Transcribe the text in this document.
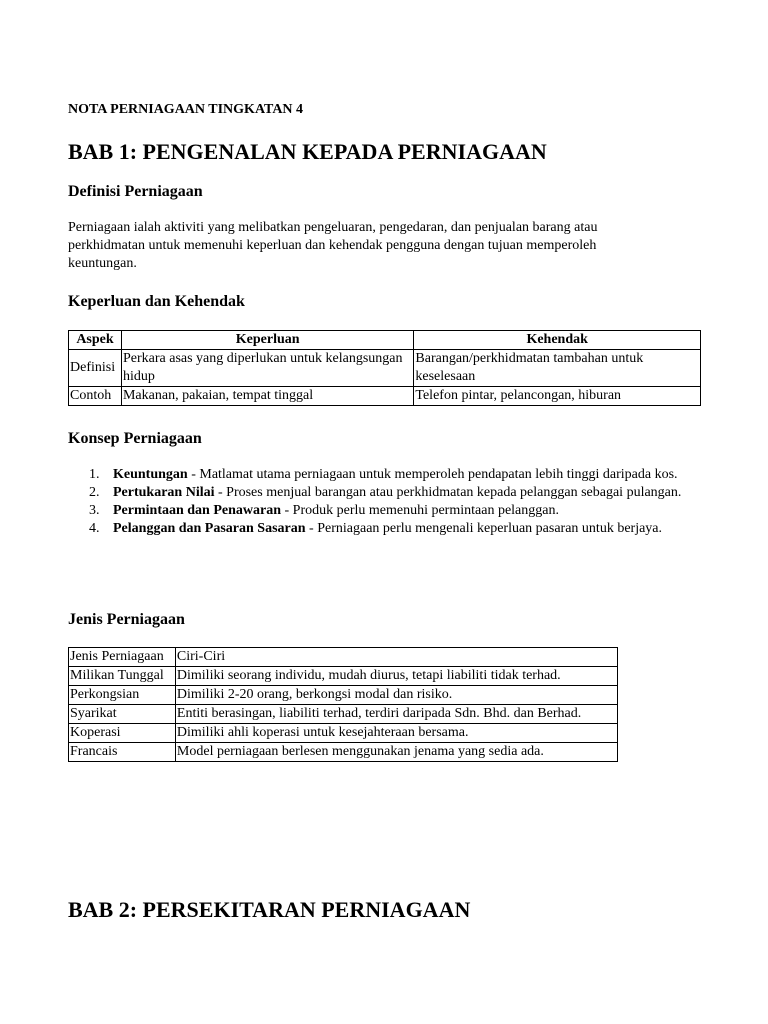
NOTA PERNIAGAAN TINGKATAN 4
BAB 1: PENGENALAN KEPADA PERNIAGAAN
Definisi Perniagaan

Perniagaan ialah aktiviti yang melibatkan pengeluaran, pengedaran, dan penjualan barang atau perkhidmatan untuk memenuhi keperluan dan kehendak pengguna dengan tujuan memperoleh keuntungan.

Keperluan dan Kehendak
Aspek	Keperluan	Kehendak
Definisi	Perkara asas yang diperlukan untuk kelangsungan hidup	Barangan/perkhidmatan tambahan untuk keselesaan
Contoh	Makanan, pakaian, tempat tinggal	Telefon pintar, pelancongan, hiburan
Konsep Perniagaan
1. Keuntungan - Matlamat utama perniagaan untuk memperoleh pendapatan lebih tinggi daripada kos.
2. Pertukaran Nilai - Proses menjual barangan atau perkhidmatan kepada pelanggan sebagai pulangan.
3. Permintaan dan Penawaran - Produk perlu memenuhi permintaan pelanggan.
4. Pelanggan dan Pasaran Sasaran - Perniagaan perlu mengenali keperluan pasaran untuk berjaya.
Jenis Perniagaan
Jenis Perniagaan	Ciri-Ciri
Milikan Tunggal	Dimiliki seorang individu, mudah diurus, tetapi liabiliti tidak terhad.
Perkongsian	Dimiliki 2-20 orang, berkongsi modal dan risiko.
Syarikat	Entiti berasingan, liabiliti terhad, terdiri daripada Sdn. Bhd. dan Berhad.
Koperasi	Dimiliki ahli koperasi untuk kesejahteraan bersama.
Francais	Model perniagaan berlesen menggunakan jenama yang sedia ada.
BAB 2: PERSEKITARAN PERNIAGAAN
